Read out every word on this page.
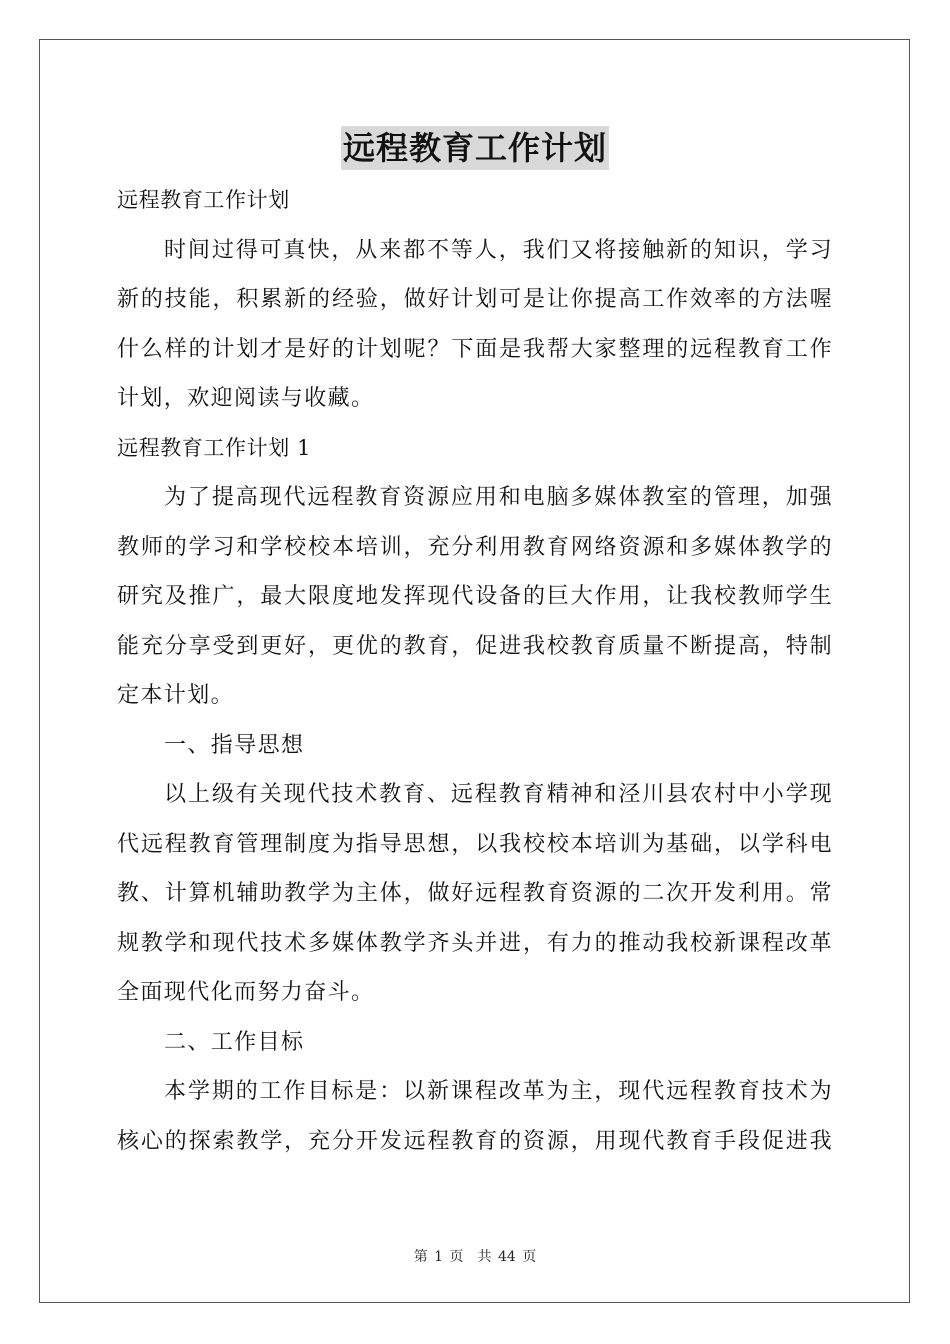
远程教育工作计划

远程教育工作计划

时间过得可真快，从来都不等人，我们又将接触新的知识，学习

新的技能，积累新的经验，做好计划可是让你提高工作效率的方法喔

什么样的计划才是好的计划呢？下面是我帮大家整理的远程教育工作

计划，欢迎阅读与收藏。

远程教育工作计划 1

为了提高现代远程教育资源应用和电脑多媒体教室的管理，加强

教师的学习和学校校本培训，充分利用教育网络资源和多媒体教学的

研究及推广，最大限度地发挥现代设备的巨大作用，让我校教师学生

能充分享受到更好，更优的教育，促进我校教育质量不断提高，特制

定本计划。

一、指导思想

以上级有关现代技术教育、远程教育精神和泾川县农村中小学现

代远程教育管理制度为指导思想，以我校校本培训为基础，以学科电

教、计算机辅助教学为主体，做好远程教育资源的二次开发利用。常

规教学和现代技术多媒体教学齐头并进，有力的推动我校新课程改革

全面现代化而努力奋斗。

二、工作目标

本学期的工作目标是：以新课程改革为主，现代远程教育技术为

核心的探索教学，充分开发远程教育的资源，用现代教育手段促进我

第 1 页 共 44 页
